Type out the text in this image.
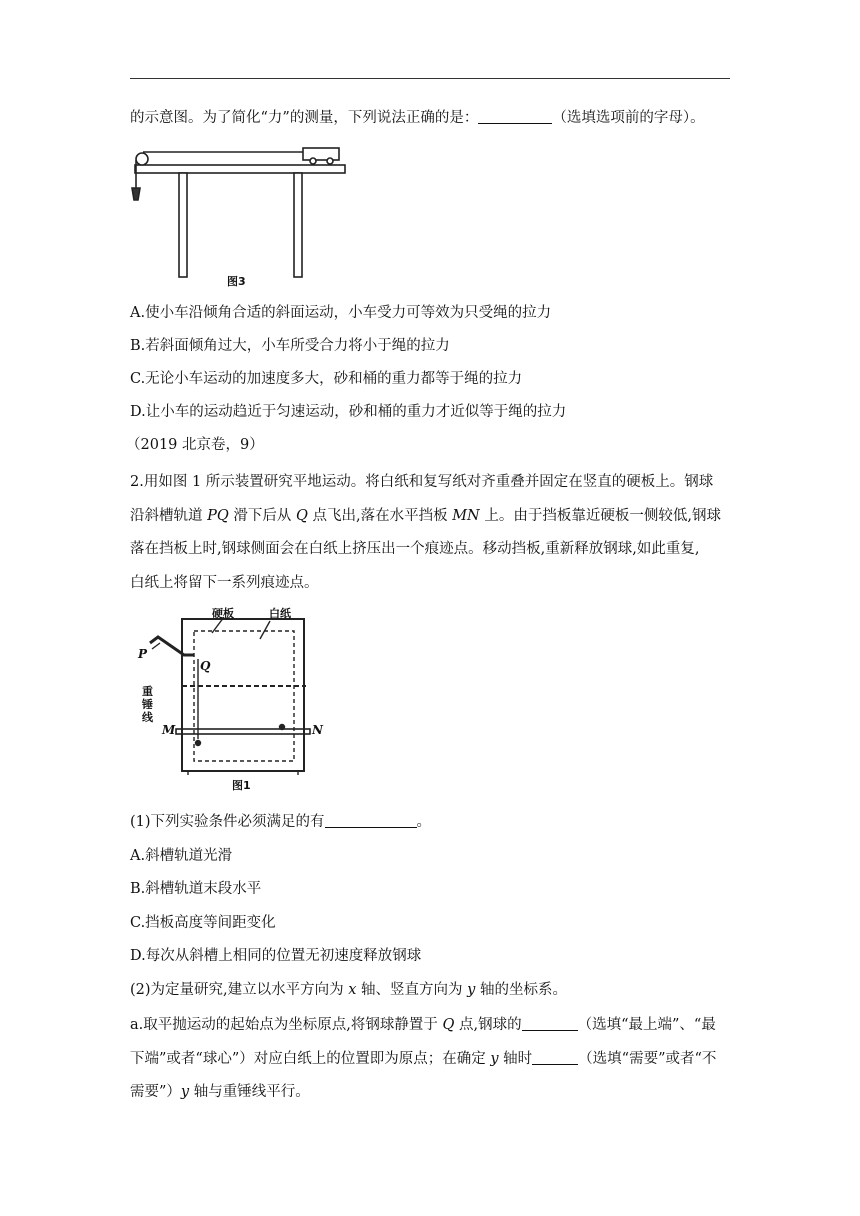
的示意图。为了简化“力”的测量，下列说法正确的是：	（选填选项前的字母）。
图3
A.使小车沿倾角合适的斜面运动，小车受力可等效为只受绳的拉力
B.若斜面倾角过大，小车所受合力将小于绳的拉力
C.无论小车运动的加速度多大，砂和桶的重力都等于绳的拉力
D.让小车的运动趋近于匀速运动，砂和桶的重力才近似等于绳的拉力
（2019 北京卷，9）
2.用如图 1 所示装置研究平地运动。将白纸和复写纸对齐重叠并固定在竖直的硬板上。钢球
沿斜槽轨道 PQ 滑下后从 Q 点飞出,落在水平挡板 MN 上。由于挡板靠近硬板一侧较低,钢球
落在挡板上时,钢球侧面会在白纸上挤压出一个痕迹点。移动挡板,重新释放钢球,如此重复,
白纸上将留下一系列痕迹点。
硬板	白纸
P
Q
重
锤
线
M	N
图1
(1)下列实验条件必须满足的有	。
A.斜槽轨道光滑
B.斜槽轨道末段水平
C.挡板高度等间距变化
D.每次从斜槽上相同的位置无初速度释放钢球
(2)为定量研究,建立以水平方向为 x 轴、竖直方向为 y 轴的坐标系。
a.取平抛运动的起始点为坐标原点,将钢球静置于 Q 点,钢球的	（选填“最上端”、“最
下端”或者“球心”）对应白纸上的位置即为原点；在确定 y 轴时	（选填“需要”或者“不
需要”）y 轴与重锤线平行。
